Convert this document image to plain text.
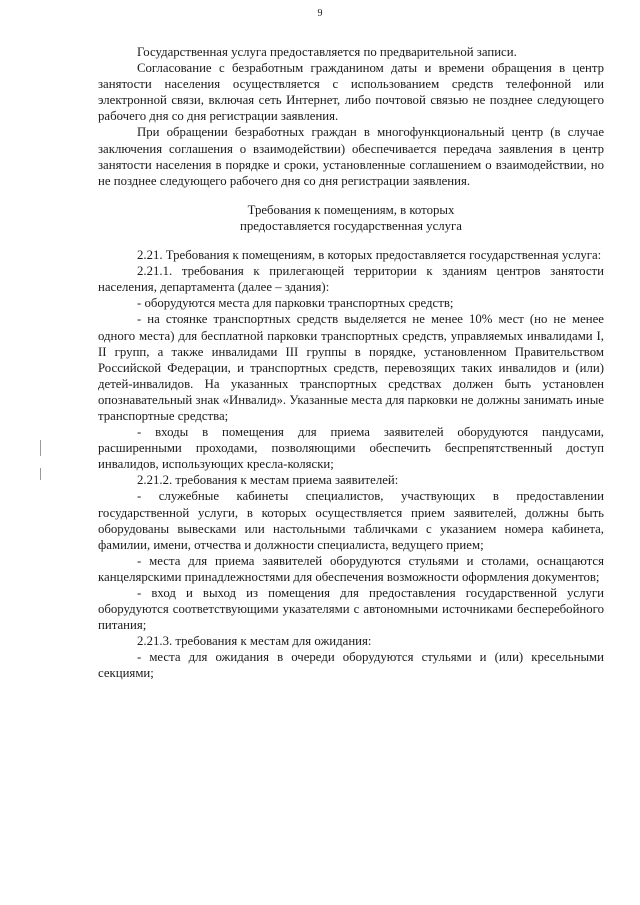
9

Государственная услуга предоставляется по предварительной записи.

Согласование с безработным гражданином даты и времени обращения в центр занятости населения осуществляется с использованием средств телефонной или электронной связи, включая сеть Интернет, либо почтовой связью не позднее следующего рабочего дня со дня регистрации заявления.

При обращении безработных граждан в многофункциональный центр (в случае заключения соглашения о взаимодействии) обеспечивается передача заявления в центр занятости населения в порядке и сроки, установленные соглашением о взаимодействии, но не позднее следующего рабочего дня со дня регистрации заявления.

Требования к помещениям, в которых
предоставляется государственная услуга

2.21. Требования к помещениям, в которых предоставляется государственная услуга:

2.21.1. требования к прилегающей территории к зданиям центров занятости населения, департамента (далее – здания):

- оборудуются места для парковки транспортных средств;

- на стоянке транспортных средств выделяется не менее 10% мест (но не менее одного места) для бесплатной парковки транспортных средств, управляемых инвалидами I, II групп, а также инвалидами III группы в порядке, установленном Правительством Российской Федерации, и транспортных средств, перевозящих таких инвалидов и (или) детей-инвалидов. На указанных транспортных средствах должен быть установлен опознавательный знак «Инвалид». Указанные места для парковки не должны занимать иные транспортные средства;

- входы в помещения для приема заявителей оборудуются пандусами, расширенными проходами, позволяющими обеспечить беспрепятственный доступ инвалидов, использующих кресла-коляски;

2.21.2. требования к местам приема заявителей:

- служебные кабинеты специалистов, участвующих в предоставлении государственной услуги, в которых осуществляется прием заявителей, должны быть оборудованы вывесками или настольными табличками с указанием номера кабинета, фамилии, имени, отчества и должности специалиста, ведущего прием;

- места для приема заявителей оборудуются стульями и столами, оснащаются канцелярскими принадлежностями для обеспечения возможности оформления документов;

- вход и выход из помещения для предоставления государственной услуги оборудуются соответствующими указателями с автономными источниками бесперебойного питания;

2.21.3. требования к местам для ожидания:

- места для ожидания в очереди оборудуются стульями и (или) кресельными секциями;
